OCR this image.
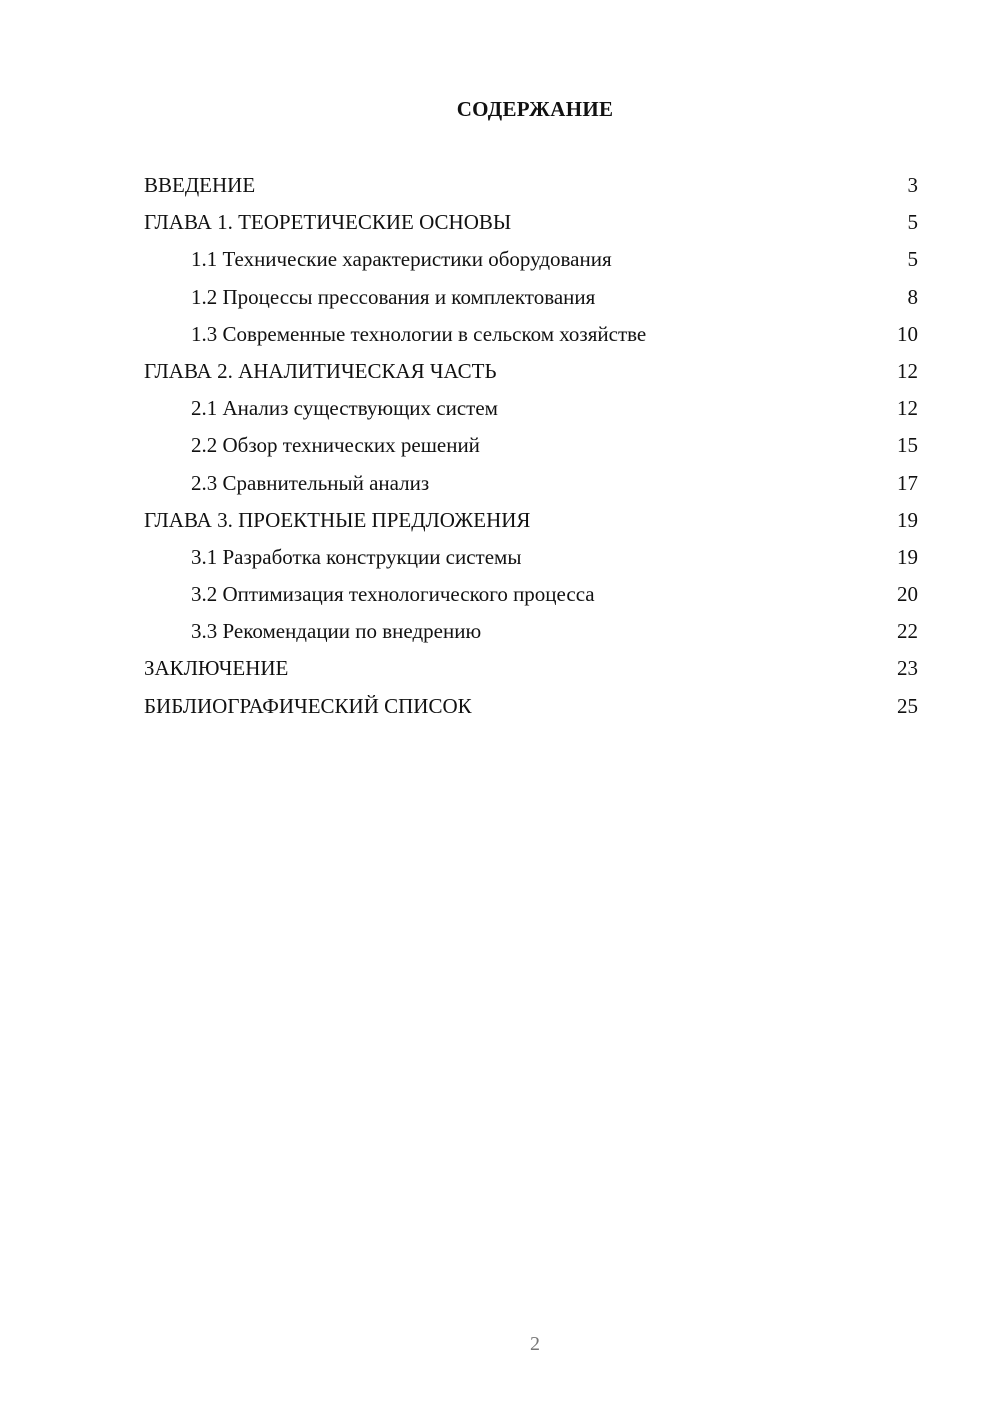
СОДЕРЖАНИЕ
ВВЕДЕНИЕ	3
ГЛАВА 1. ТЕОРЕТИЧЕСКИЕ ОСНОВЫ	5
1.1 Технические характеристики оборудования	5
1.2 Процессы прессования и комплектования	8
1.3 Современные технологии в сельском хозяйстве	10
ГЛАВА 2. АНАЛИТИЧЕСКАЯ ЧАСТЬ	12
2.1 Анализ существующих систем	12
2.2 Обзор технических решений	15
2.3 Сравнительный анализ	17
ГЛАВА 3. ПРОЕКТНЫЕ ПРЕДЛОЖЕНИЯ	19
3.1 Разработка конструкции системы	19
3.2 Оптимизация технологического процесса	20
3.3 Рекомендации по внедрению	22
ЗАКЛЮЧЕНИЕ	23
БИБЛИОГРАФИЧЕСКИЙ СПИСОК	25
2
